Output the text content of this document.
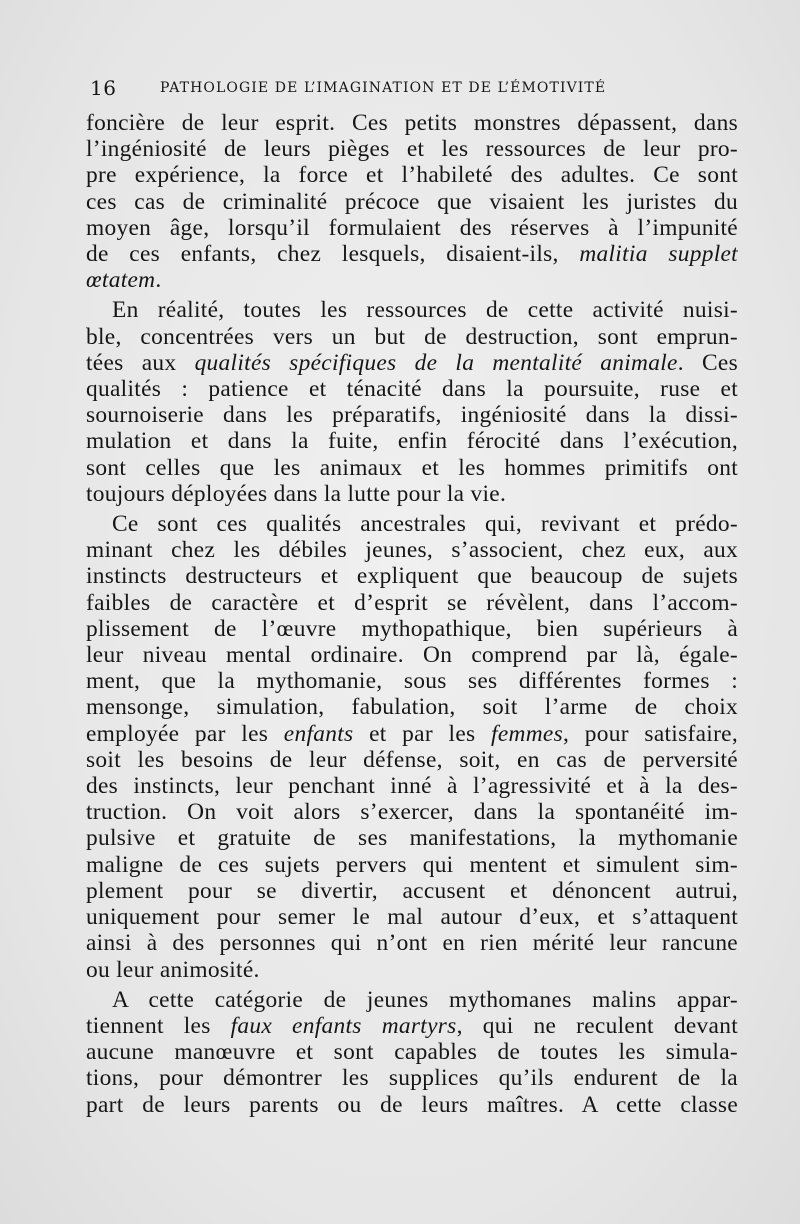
16	PATHOLOGIE DE L’IMAGINATION ET DE L’ÉMOTIVITÉ
foncière de leur esprit. Ces petits monstres dépassent, dans
l’ingéniosité de leurs pièges et les ressources de leur pro-
pre expérience, la force et l’habileté des adultes. Ce sont
ces cas de criminalité précoce que visaient les juristes du
moyen âge, lorsqu’il formulaient des réserves à l’impunité
de ces enfants, chez lesquels, disaient-ils, malitia supplet
œtatem.
En réalité, toutes les ressources de cette activité nuisi-
ble, concentrées vers un but de destruction, sont emprun-
tées aux qualités spécifiques de la mentalité animale. Ces
qualités : patience et ténacité dans la poursuite, ruse et
sournoiserie dans les préparatifs, ingéniosité dans la dissi-
mulation et dans la fuite, enfin férocité dans l’exécution,
sont celles que les animaux et les hommes primitifs ont
toujours déployées dans la lutte pour la vie.
Ce sont ces qualités ancestrales qui, revivant et prédo-
minant chez les débiles jeunes, s’associent, chez eux, aux
instincts destructeurs et expliquent que beaucoup de sujets
faibles de caractère et d’esprit se révèlent, dans l’accom-
plissement de l’œuvre mythopathique, bien supérieurs à
leur niveau mental ordinaire. On comprend par là, égale-
ment, que la mythomanie, sous ses différentes formes :
mensonge, simulation, fabulation, soit l’arme de choix
employée par les enfants et par les femmes, pour satisfaire,
soit les besoins de leur défense, soit, en cas de perversité
des instincts, leur penchant inné à l’agressivité et à la des-
truction. On voit alors s’exercer, dans la spontanéité im-
pulsive et gratuite de ses manifestations, la mythomanie
maligne de ces sujets pervers qui mentent et simulent sim-
plement pour se divertir, accusent et dénoncent autrui,
uniquement pour semer le mal autour d’eux, et s’attaquent
ainsi à des personnes qui n’ont en rien mérité leur rancune
ou leur animosité.
A cette catégorie de jeunes mythomanes malins appar-
tiennent les faux enfants martyrs, qui ne reculent devant
aucune manœuvre et sont capables de toutes les simula-
tions, pour démontrer les supplices qu’ils endurent de la
part de leurs parents ou de leurs maîtres. A cette classe
